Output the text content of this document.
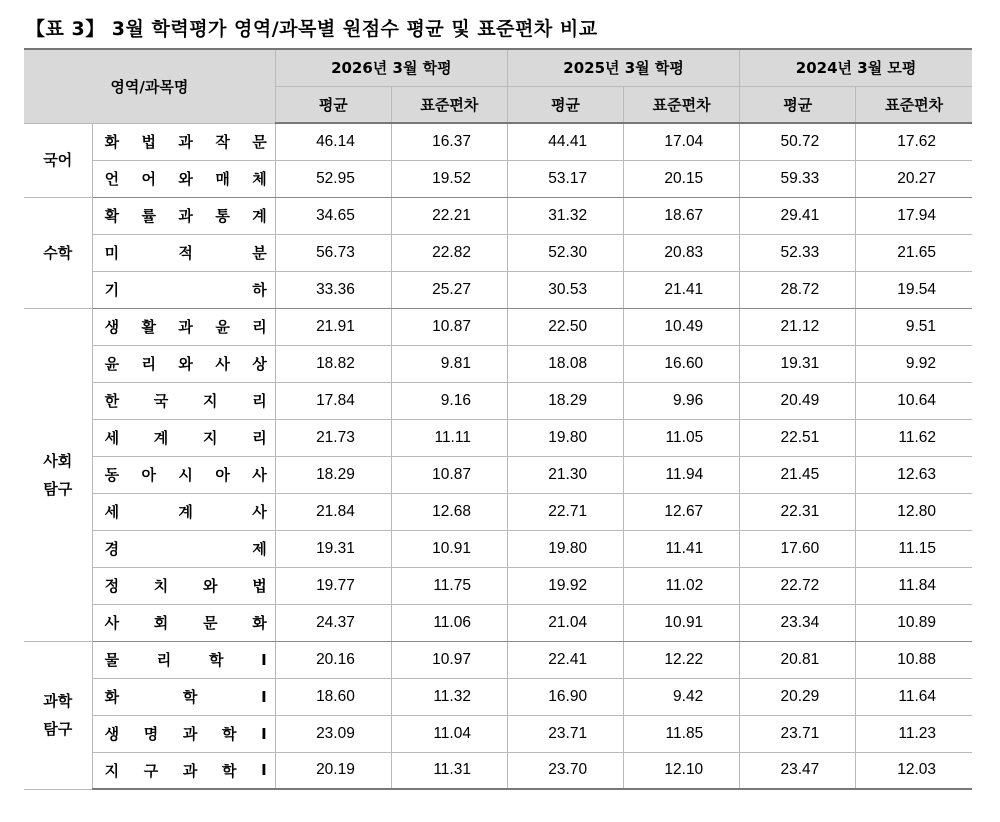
【표 3】 3월 학력평가 영역/과목별 원점수 평균 및 표준편차 비교
영역/과목명		2026년 3월 학평		2025년 3월 학평		2024년 3월 모평	
		평균	표준편차	평균	표준편차	평균	표준편차
국어	화 법 과 작 문	46.14	16.37	44.41	17.04	50.72	17.62

	언 어 와 매 체	52.95	19.52	53.17	20.15	59.33	20.27
수학	확 률 과 통 계	34.65	22.21	31.32	18.67	29.41	17.94

	미 적 분	56.73	22.82	52.30	20.83	52.33	21.65

	기 하	33.36	25.27	30.53	21.41	28.72	19.54
사회
탐구	생 활 과 윤 리	21.91	10.87	22.50	10.49	21.12	9.51

	윤 리 와 사 상	18.82	9.81	18.08	16.60	19.31	9.92

	한 국 지 리	17.84	9.16	18.29	9.96	20.49	10.64

	세 계 지 리	21.73	11.11	19.80	11.05	22.51	11.62

	동 아 시 아 사	18.29	10.87	21.30	11.94	21.45	12.63

	세 계 사	21.84	12.68	22.71	12.67	22.31	12.80

	경 제	19.31	10.91	19.80	11.41	17.60	11.15

	정 치 와 법	19.77	11.75	19.92	11.02	22.72	11.84

	사 회 문 화	24.37	11.06	21.04	10.91	23.34	10.89
과학
탐구	물 리 학 Ⅰ	20.16	10.97	22.41	12.22	20.81	10.88

	화 학 Ⅰ	18.60	11.32	16.90	9.42	20.29	11.64

	생 명 과 학 Ⅰ	23.09	11.04	23.71	11.85	23.71	11.23

	지 구 과 학 Ⅰ	20.19	11.31	23.70	12.10	23.47	12.03
